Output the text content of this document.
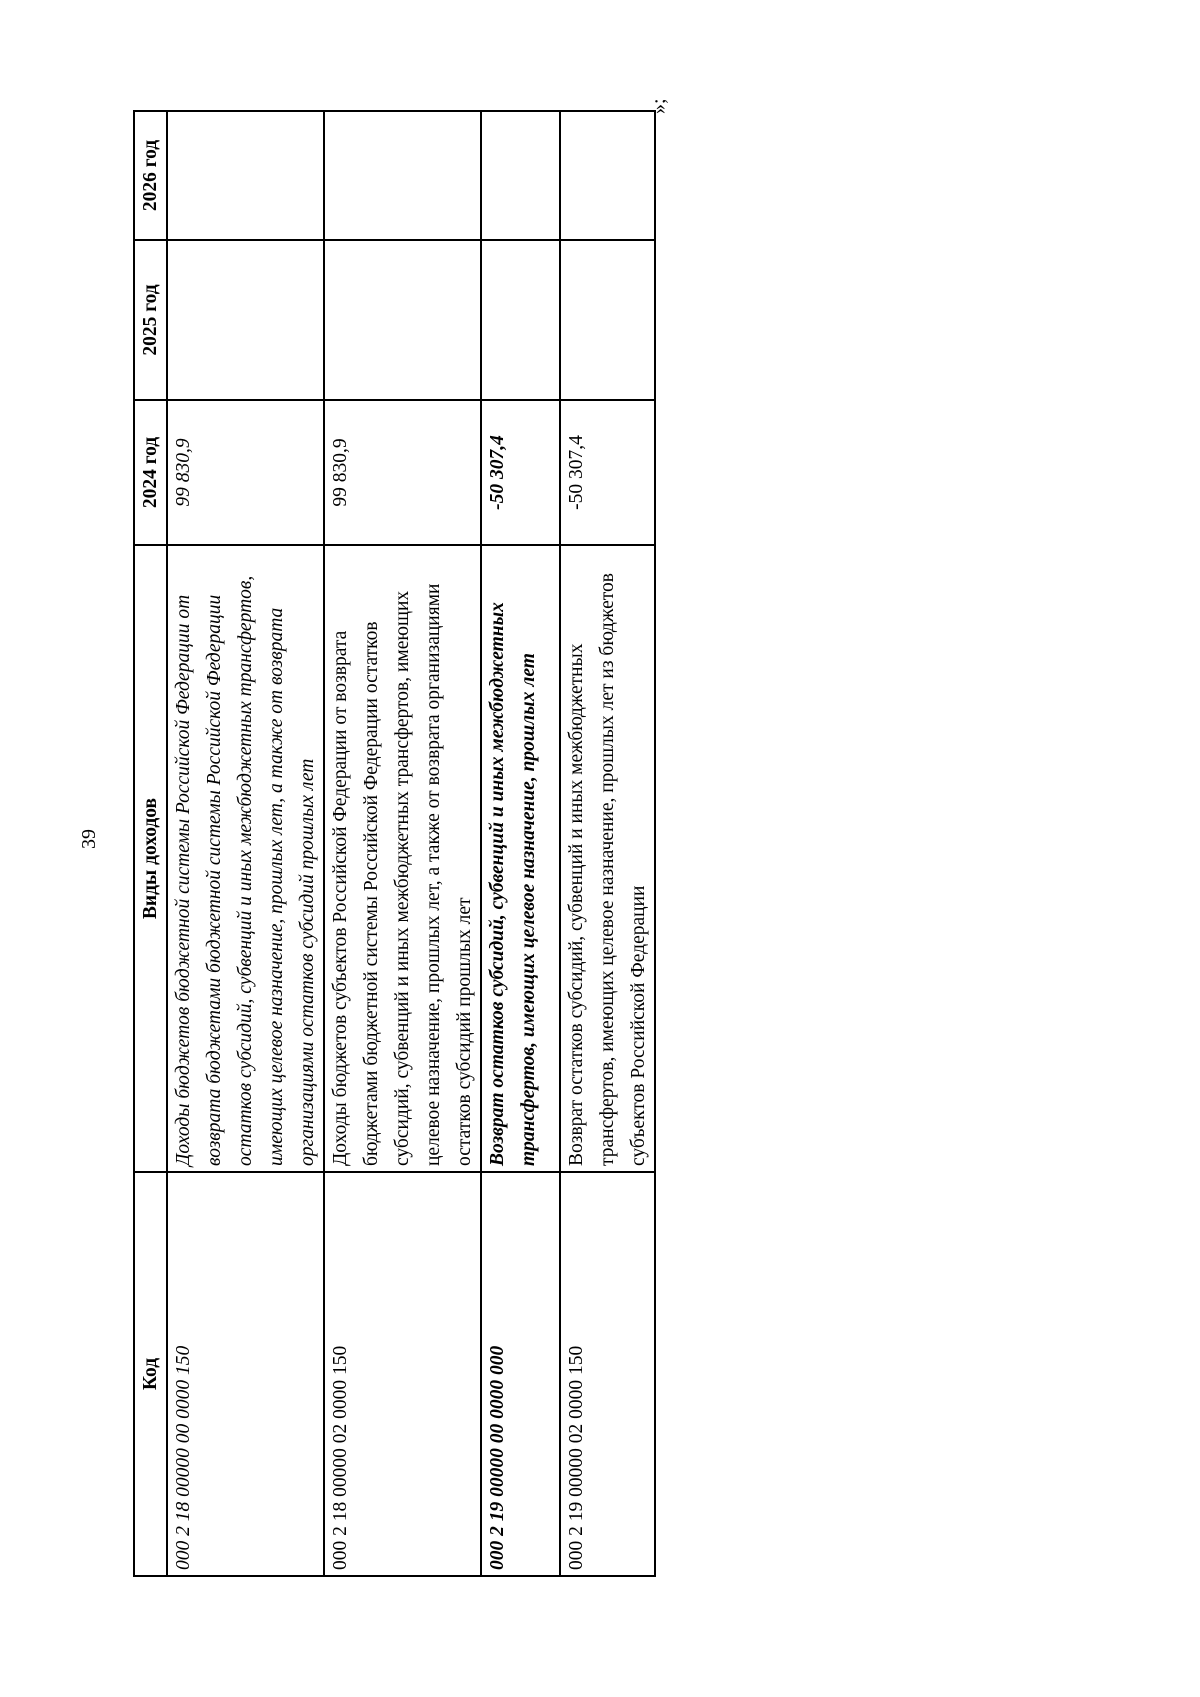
39
Код	Виды доходов	2024 год	2025 год	2026 год
000 2 18 00000 00 0000 150	Доходы бюджетов бюджетной системы Российской Федерации от возврата бюджетами бюджетной системы Российской Федерации остатков субсидий, субвенций и иных межбюджетных трансфертов, имеющих целевое назначение, прошлых лет, а также от возврата организациями остатков субсидий прошлых лет	99 830,9		
000 2 18 00000 02 0000 150	Доходы бюджетов субъектов Российской Федерации от возврата бюджетами бюджетной системы Российской Федерации остатков субсидий, субвенций и иных межбюджетных трансфертов, имеющих целевое назначение, прошлых лет, а также от возврата организациями остатков субсидий прошлых лет	99 830,9		
000 2 19 00000 00 0000 000	Возврат остатков субсидий, субвенций и иных межбюджетных трансфертов, имеющих целевое назначение, прошлых лет	-50 307,4		
000 2 19 00000 02 0000 150	Возврат остатков субсидий, субвенций и иных межбюджетных трансфертов, имеющих целевое назначение, прошлых лет из бюджетов субъектов Российской Федерации	-50 307,4		
»;
